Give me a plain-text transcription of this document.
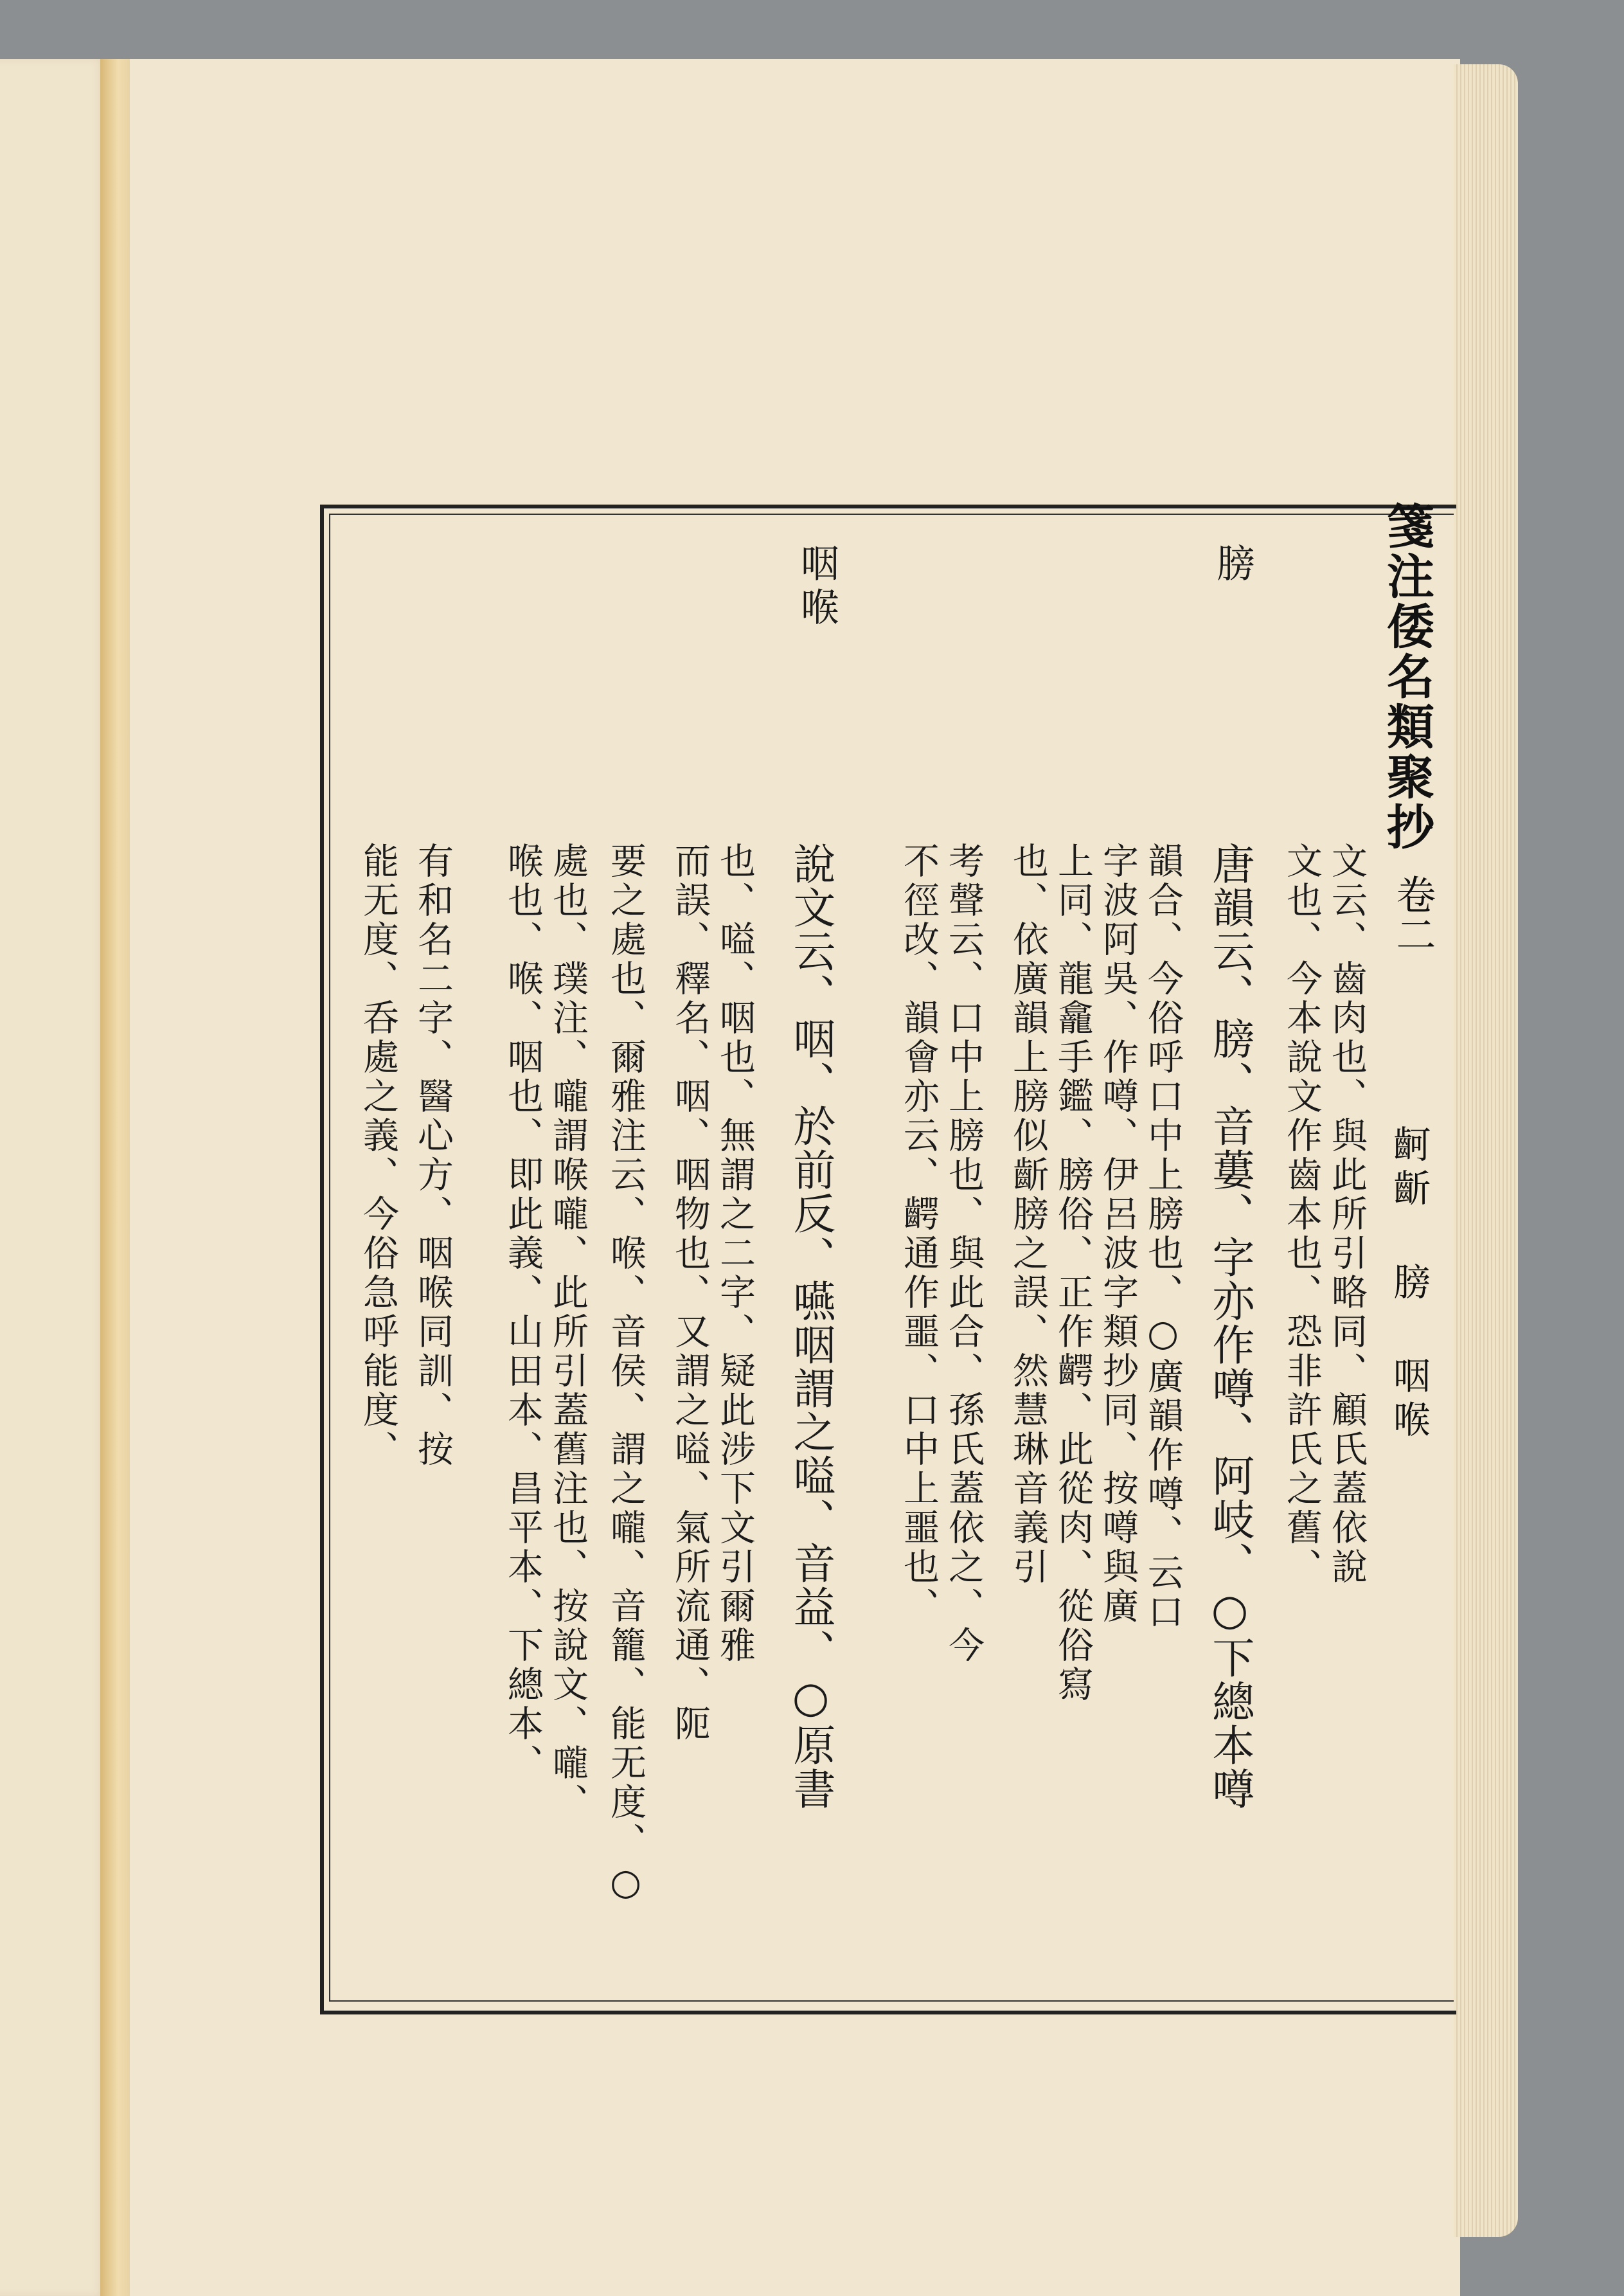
箋注倭名類聚抄
卷二
䶗齗 膀 咽喉
膀
咽喉
文云、齒肉也、與此所引略同、顧氏蓋依說
文也、今本說文作齒本也、恐非許氏之舊、
唐韻云、膀、音蔞、字亦作噂、阿岐、○下總本噂
韻合、今俗呼口中上膀也、○廣韻作噂、云口
字波阿吳、作噂、伊呂波字類抄同、按噂與廣
上同、龍龕手鑑、膀俗、正作齶、此從肉、從俗寫
也、依廣韻上膀似齗膀之誤、然慧琳音義引
考聲云、口中上膀也、與此合、孫氏蓋依之、今
不徑改、韻會亦云、齶通作噩、口中上噩也、
說文云、咽、於前反、嚥咽謂之嗌、音益、○原書
也、嗌、咽也、無謂之二字、疑此涉下文引爾雅
而誤、釋名、咽、咽物也、又謂之嗌、氣所流通、阨
要之處也、爾雅注云、喉、音侯、謂之嚨、音籠、能无度、○
處也、璞注、嚨謂喉嚨、此所引蓋舊注也、按說文、嚨、
喉也、喉、咽也、即此義、山田本、昌平本、下總本、
有和名二字、醫心方、咽喉同訓、按
能无度、呑處之義、今俗急呼能度、
